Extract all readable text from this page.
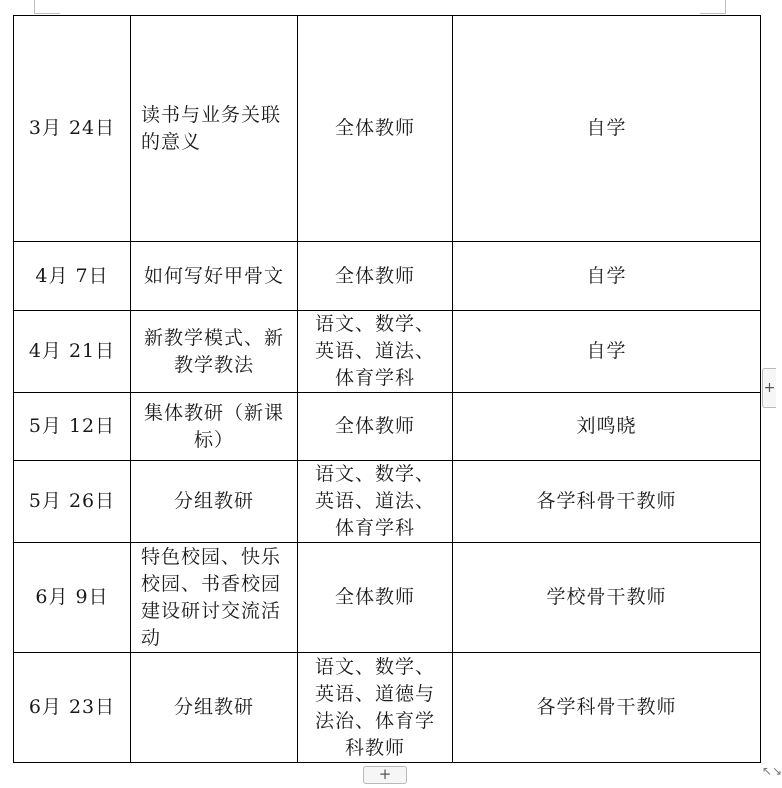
3月 24日	读书与业务关联的意义	全体教师	自学
4月 7日	如何写好甲骨文	全体教师	自学
4月 21日	新教学模式、新教学教法	语文、数学、英语、道法、体育学科	自学
5月 12日	集体教研（新课标）	全体教师	刘鸣晓
5月 26日	分组教研	语文、数学、英语、道法、体育学科	各学科骨干教师
6月 9日	特色校园、快乐校园、书香校园建设研讨交流活动	全体教师	学校骨干教师
6月 23日	分组教研	语文、数学、英语、道德与法治、体育学科教师	各学科骨干教师
+
+	↖↘
